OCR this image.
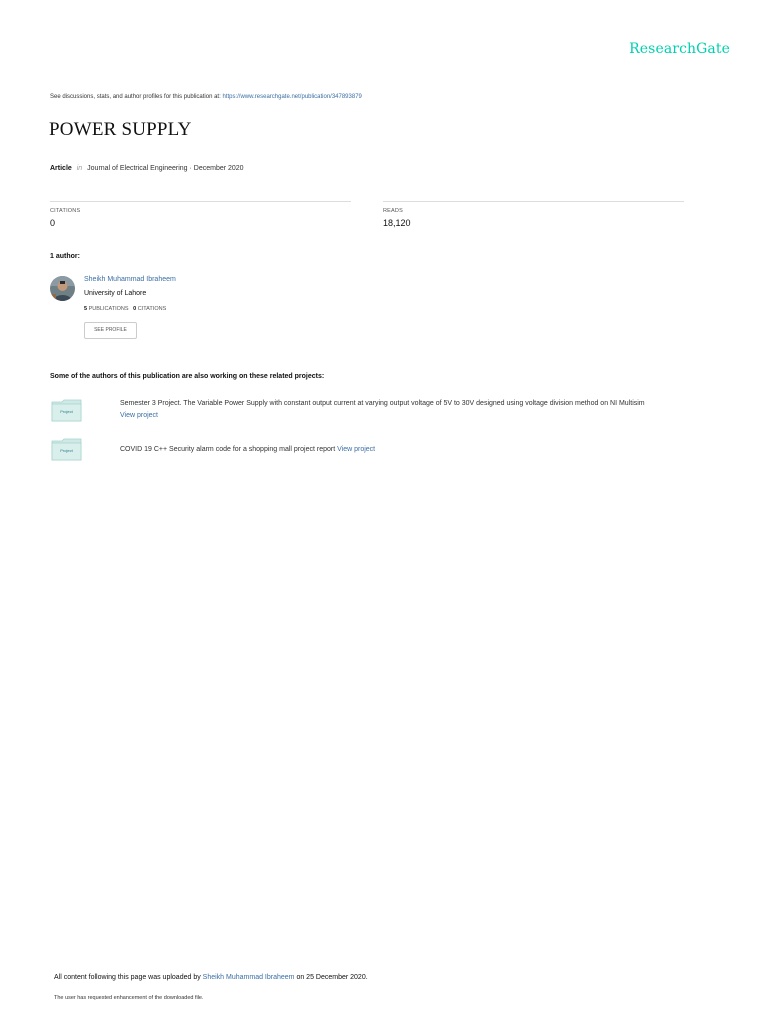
ResearchGate
See discussions, stats, and author profiles for this publication at: https://www.researchgate.net/publication/347893879
POWER SUPPLY
Article in Journal of Electrical Engineering · December 2020
CITATIONS
0
READS
18,120
1 author:
Sheikh Muhammad Ibraheem
University of Lahore
5 PUBLICATIONS 0 CITATIONS
SEE PROFILE
Some of the authors of this publication are also working on these related projects:
Project
Semester 3 Project. The Variable Power Supply with constant output current at varying output voltage of 5V to 30V designed using voltage division method on NI Multisim
View project
Project	COVID 19 C++ Security alarm code for a shopping mall project report View project
All content following this page was uploaded by Sheikh Muhammad Ibraheem on 25 December 2020.
The user has requested enhancement of the downloaded file.
